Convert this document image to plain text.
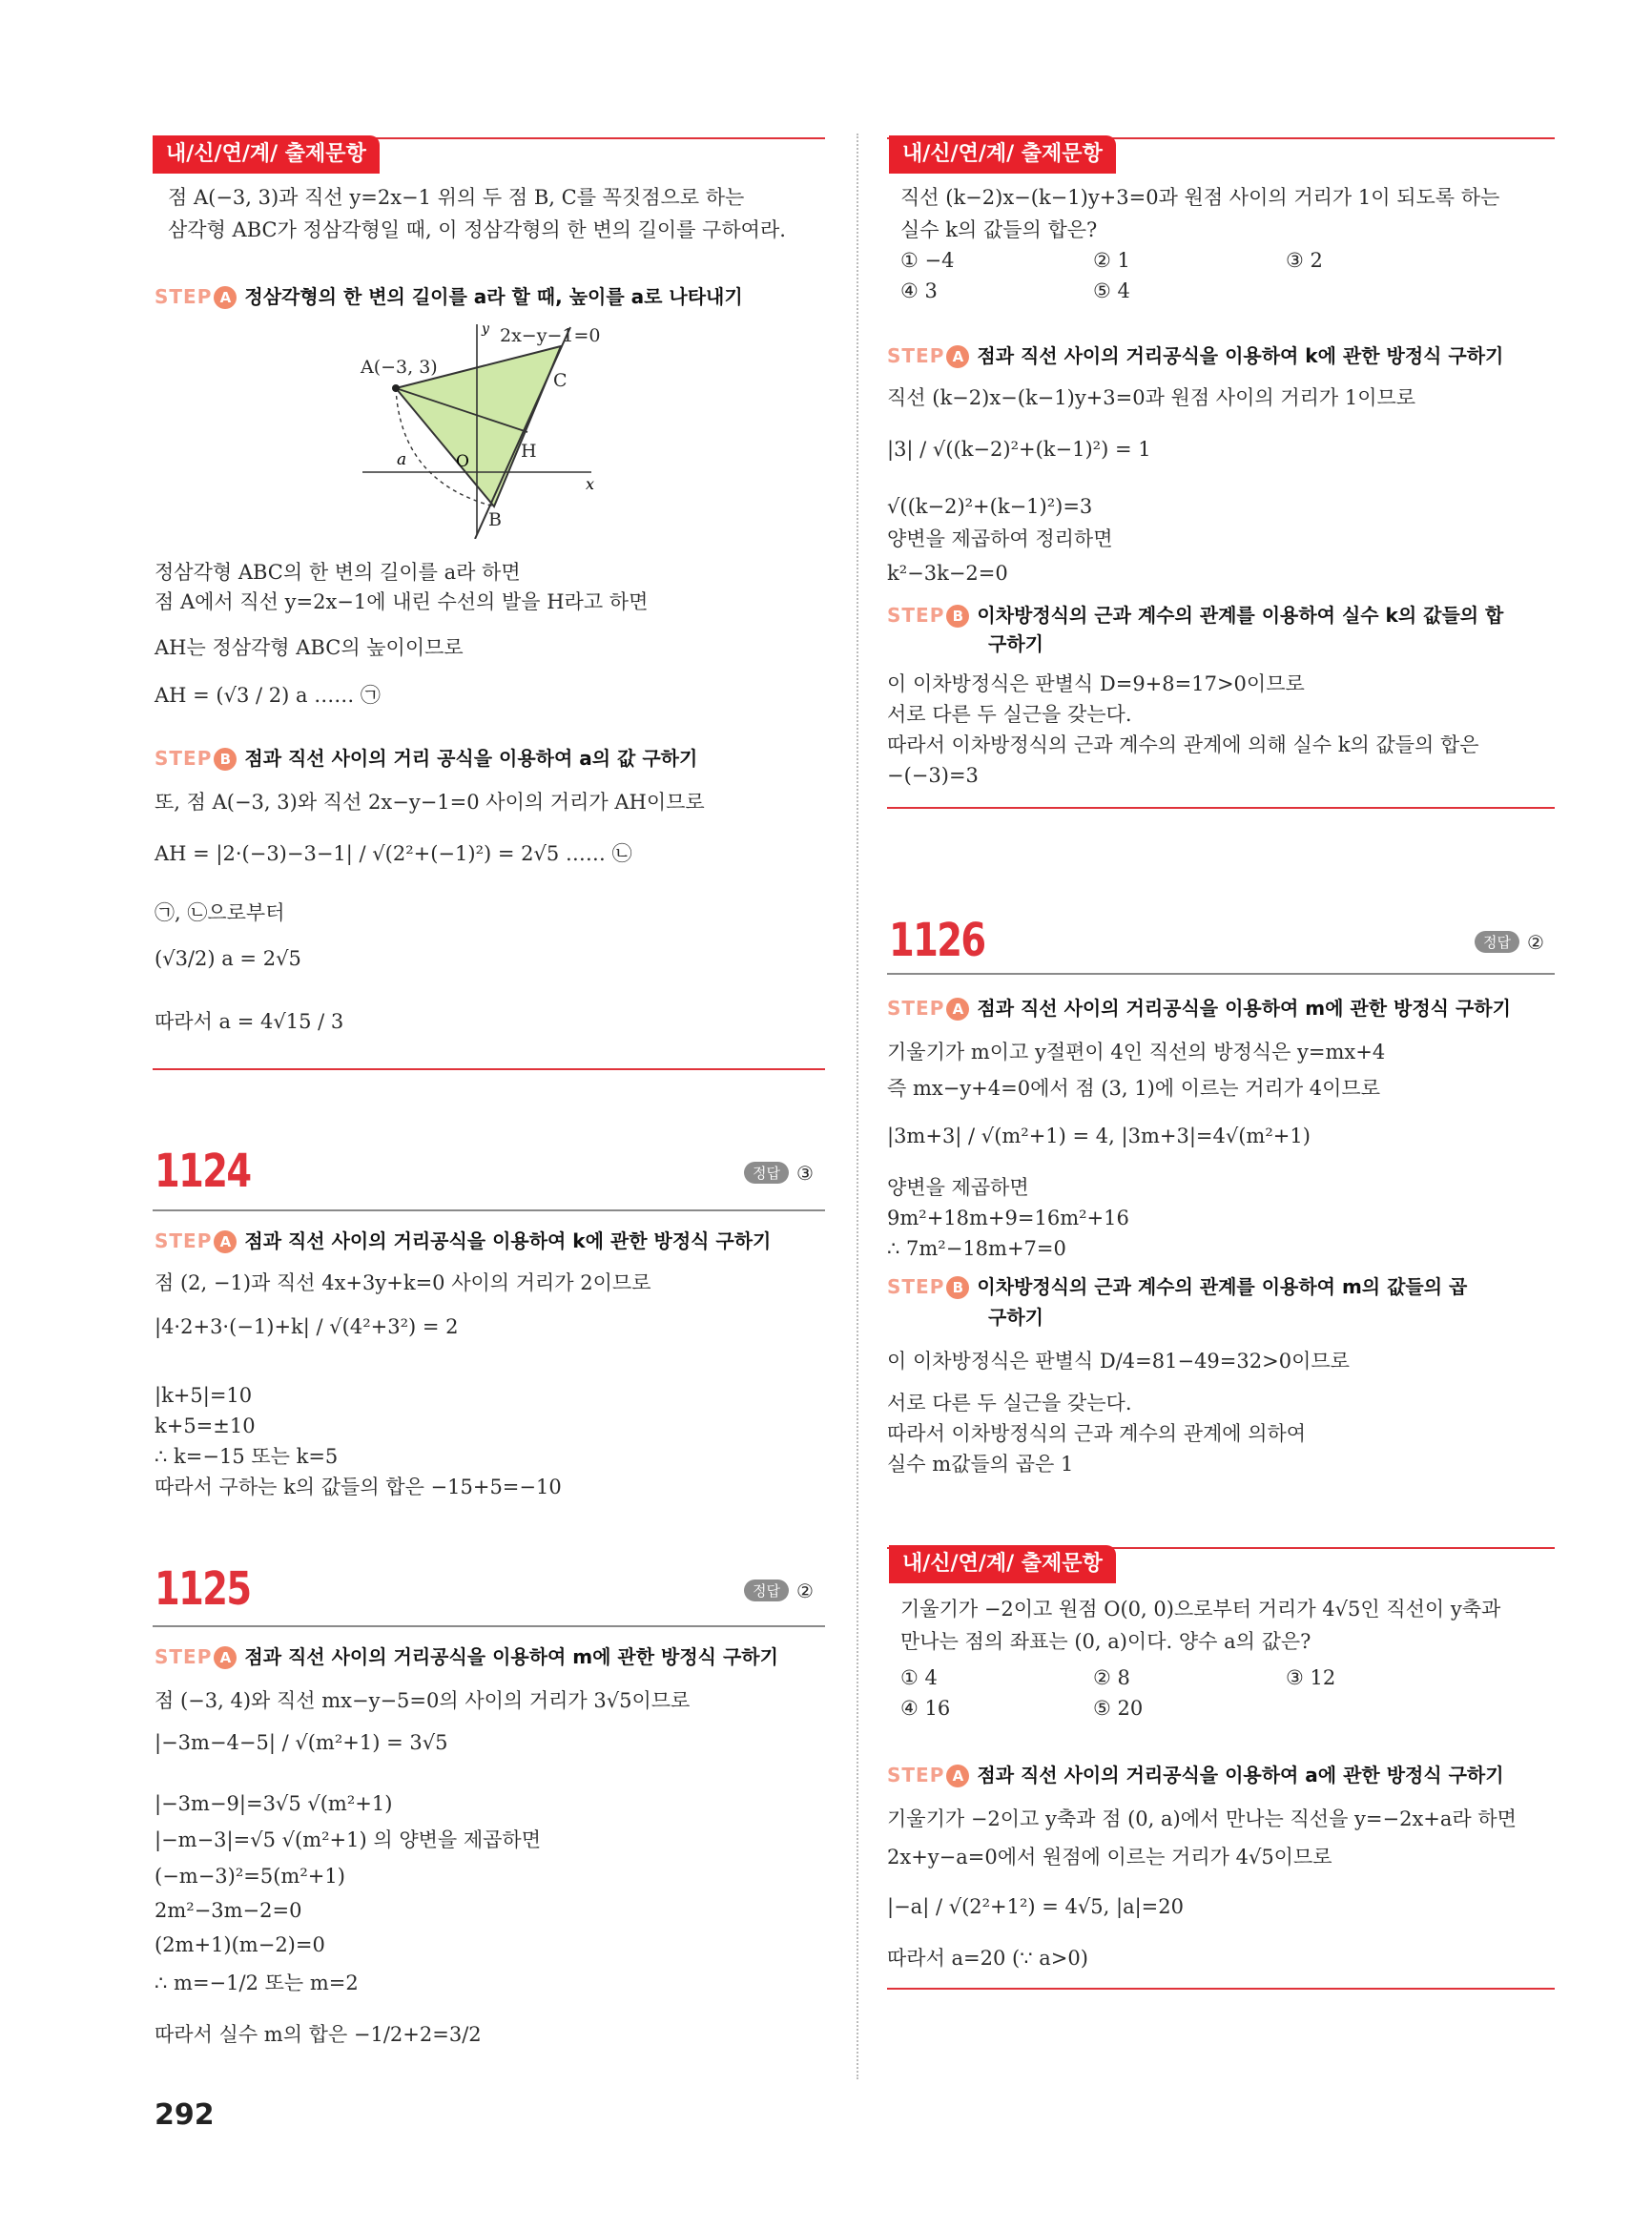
내/신/연/계/ 출제문항
점 A(−3, 3)과 직선 y=2x−1 위의 두 점 B, C를 꼭짓점으로 하는
삼각형 ABC가 정삼각형일 때, 이 정삼각형의 한 변의 길이를 구하여라.
STEP A 정삼각형의 한 변의 길이를 a라 할 때, 높이를 a로 나타내기
y
x
O
a
2x−y−1=0
A(−3, 3)
C
H
B
정삼각형 ABC의 한 변의 길이를 a라 하면
점 A에서 직선 y=2x−1에 내린 수선의 발을 H라고 하면
AH는 정삼각형 ABC의 높이이므로
AH = (√3 / 2) a …… ㉠
STEP B 점과 직선 사이의 거리 공식을 이용하여 a의 값 구하기
또, 점 A(−3, 3)와 직선 2x−y−1=0 사이의 거리가 AH이므로
AH = |2·(−3)−3−1| / √(2²+(−1)²) = 2√5 …… ㉡
㉠, ㉡으로부터
(√3/2) a = 2√5
따라서 a = 4√15 / 3
1124	정답 ③
STEP A 점과 직선 사이의 거리공식을 이용하여 k에 관한 방정식 구하기
점 (2, −1)과 직선 4x+3y+k=0 사이의 거리가 2이므로
|4·2+3·(−1)+k| / √(4²+3²) = 2
|k+5|=10
k+5=±10
∴ k=−15 또는 k=5
따라서 구하는 k의 값들의 합은 −15+5=−10
1125	정답 ②
STEP A 점과 직선 사이의 거리공식을 이용하여 m에 관한 방정식 구하기
점 (−3, 4)와 직선 mx−y−5=0의 사이의 거리가 3√5이므로
|−3m−4−5| / √(m²+1) = 3√5
|−3m−9|=3√5 √(m²+1)
|−m−3|=√5 √(m²+1) 의 양변을 제곱하면
(−m−3)²=5(m²+1)
2m²−3m−2=0
(2m+1)(m−2)=0
∴ m=−1/2 또는 m=2
따라서 실수 m의 합은 −1/2+2=3/2
292
내/신/연/계/ 출제문항
직선 (k−2)x−(k−1)y+3=0과 원점 사이의 거리가 1이 되도록 하는
실수 k의 값들의 합은?
① −4	② 1	③ 2
④ 3	⑤ 4
STEP A 점과 직선 사이의 거리공식을 이용하여 k에 관한 방정식 구하기
직선 (k−2)x−(k−1)y+3=0과 원점 사이의 거리가 1이므로
|3| / √((k−2)²+(k−1)²) = 1
√((k−2)²+(k−1)²)=3
양변을 제곱하여 정리하면
k²−3k−2=0
STEP B 이차방정식의 근과 계수의 관계를 이용하여 실수 k의 값들의 합
구하기
이 이차방정식은 판별식 D=9+8=17>0이므로
서로 다른 두 실근을 갖는다.
따라서 이차방정식의 근과 계수의 관계에 의해 실수 k의 값들의 합은
−(−3)=3
1126	정답 ②
STEP A 점과 직선 사이의 거리공식을 이용하여 m에 관한 방정식 구하기
기울기가 m이고 y절편이 4인 직선의 방정식은 y=mx+4
즉 mx−y+4=0에서 점 (3, 1)에 이르는 거리가 4이므로
|3m+3| / √(m²+1) = 4, |3m+3|=4√(m²+1)
양변을 제곱하면
9m²+18m+9=16m²+16
∴ 7m²−18m+7=0
STEP B 이차방정식의 근과 계수의 관계를 이용하여 m의 값들의 곱
구하기
이 이차방정식은 판별식 D/4=81−49=32>0이므로
서로 다른 두 실근을 갖는다.
따라서 이차방정식의 근과 계수의 관계에 의하여
실수 m값들의 곱은 1
내/신/연/계/ 출제문항
기울기가 −2이고 원점 O(0, 0)으로부터 거리가 4√5인 직선이 y축과
만나는 점의 좌표는 (0, a)이다. 양수 a의 값은?
① 4	② 8	③ 12
④ 16	⑤ 20
STEP A 점과 직선 사이의 거리공식을 이용하여 a에 관한 방정식 구하기
기울기가 −2이고 y축과 점 (0, a)에서 만나는 직선을 y=−2x+a라 하면
2x+y−a=0에서 원점에 이르는 거리가 4√5이므로
|−a| / √(2²+1²) = 4√5, |a|=20
따라서 a=20 (∵ a>0)
